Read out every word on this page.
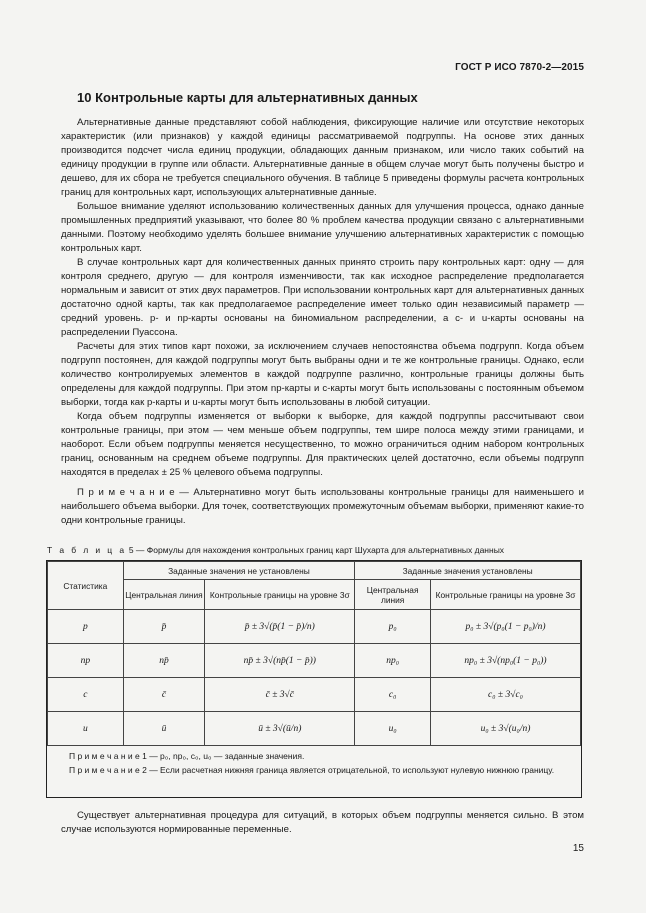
ГОСТ Р ИСО 7870-2—2015
10 Контрольные карты для альтернативных данных

Альтернативные данные представляют собой наблюдения, фиксирующие наличие или отсутствие некоторых характеристик (или признаков) у каждой единицы рассматриваемой подгруппы. На основе этих данных производится подсчет числа единиц продукции, обладающих данным признаком, или число таких событий на единицу продукции в группе или области. Альтернативные данные в общем случае могут быть получены быстро и дешево, для их сбора не требуется специального обучения. В таблице 5 приведены формулы расчета контрольных границ для контрольных карт, использующих альтернативные данные.

Большое внимание уделяют использованию количественных данных для улучшения процесса, однако данные промышленных предприятий указывают, что более 80 % проблем качества продукции связано с альтернативными данными. Поэтому необходимо уделять большее внимание улучшению альтернативных характеристик с помощью контрольных карт.

В случае контрольных карт для количественных данных принято строить пару контрольных карт: одну — для контроля среднего, другую — для контроля изменчивости, так как исходное распределение предполагается нормальным и зависит от этих двух параметров. При использовании контрольных карт для альтернативных данных достаточно одной карты, так как предполагаемое распределение имеет только один независимый параметр — средний уровень. p- и np-карты основаны на биномиальном распределении, а c- и u-карты основаны на распределении Пуассона.

Расчеты для этих типов карт похожи, за исключением случаев непостоянства объема подгрупп. Когда объем подгрупп постоянен, для каждой подгруппы могут быть выбраны одни и те же контрольные границы. Однако, если количество контролируемых элементов в каждой подгруппе различно, контрольные границы должны быть определены для каждой подгруппы. При этом np-карты и c-карты могут быть использованы с постоянным объемом выборки, тогда как p-карты и u-карты могут быть использованы в любой ситуации.

Когда объем подгруппы изменяется от выборки к выборке, для каждой подгруппы рассчитывают свои контрольные границы, при этом — чем меньше объем подгруппы, тем шире полоса между этими границами, и наоборот. Если объем подгруппы меняется несущественно, то можно ограничиться одним набором контрольных границ, основанным на среднем объеме подгруппы. Для практических целей достаточно, если объемы подгрупп находятся в пределах ± 25 % целевого объема подгруппы.

П р и м е ч а н и е — Альтернативно могут быть использованы контрольные границы для наименьшего и наибольшего объема выборки. Для точек, соответствующих промежуточным объемам выборки, применяют какие-то одни контрольные границы.

Т а б л и ц а 5 — Формулы для нахождения контрольных границ карт Шухарта для альтернативных данных
Статистика	Заданные значения не установлены		Заданные значения установлены	
	Центральная линия	Контрольные границы на уровне 3σ	Центральная линия	Контрольные границы на уровне 3σ
p	p̄	p̄ ± 3√(p̄(1 − p̄)/n)	p₀	p₀ ± 3√(p₀(1 − p₀)/n)
np	np̄	np̄ ± 3√(np̄(1 − p̄))	np₀	np₀ ± 3√(np₀(1 − p₀))
c	c̄	c̄ ± 3√c̄	c₀	c₀ ± 3√c₀
u	ū	ū ± 3√(ū/n)	u₀	u₀ ± 3√(u₀/n)
П р и м е ч а н и е 1 — p₀, np₀, c₀, u₀ — заданные значения.
П р и м е ч а н и е 2 — Если расчетная нижняя граница является отрицательной, то используют нулевую нижнюю границу.

Существует альтернативная процедура для ситуаций, в которых объем подгруппы меняется сильно. В этом случае используются нормированные переменные.

15
